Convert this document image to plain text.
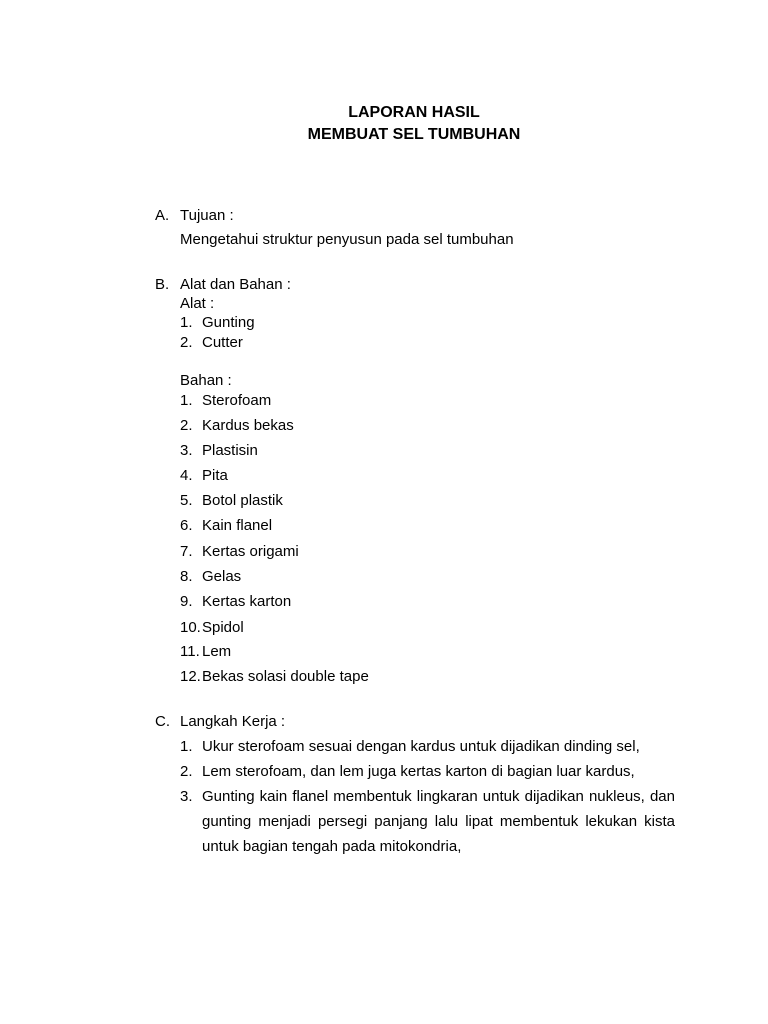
LAPORAN HASIL
MEMBUAT SEL TUMBUHAN
A. Tujuan :
Mengetahui struktur penyusun pada sel tumbuhan
B. Alat dan Bahan :
Alat :
1. Gunting
2. Cutter
Bahan :
1. Sterofoam
2. Kardus bekas
3. Plastisin
4. Pita
5. Botol plastik
6. Kain flanel
7. Kertas origami
8. Gelas
9. Kertas karton
10. Spidol
11. Lem
12. Bekas solasi double tape
C. Langkah Kerja :
1. Ukur sterofoam sesuai dengan kardus untuk dijadikan dinding sel,
2. Lem sterofoam, dan lem juga kertas karton di bagian luar kardus,
3. Gunting kain flanel membentuk lingkaran untuk dijadikan nukleus, dan gunting menjadi persegi panjang lalu lipat membentuk lekukan kista untuk bagian tengah pada mitokondria,
